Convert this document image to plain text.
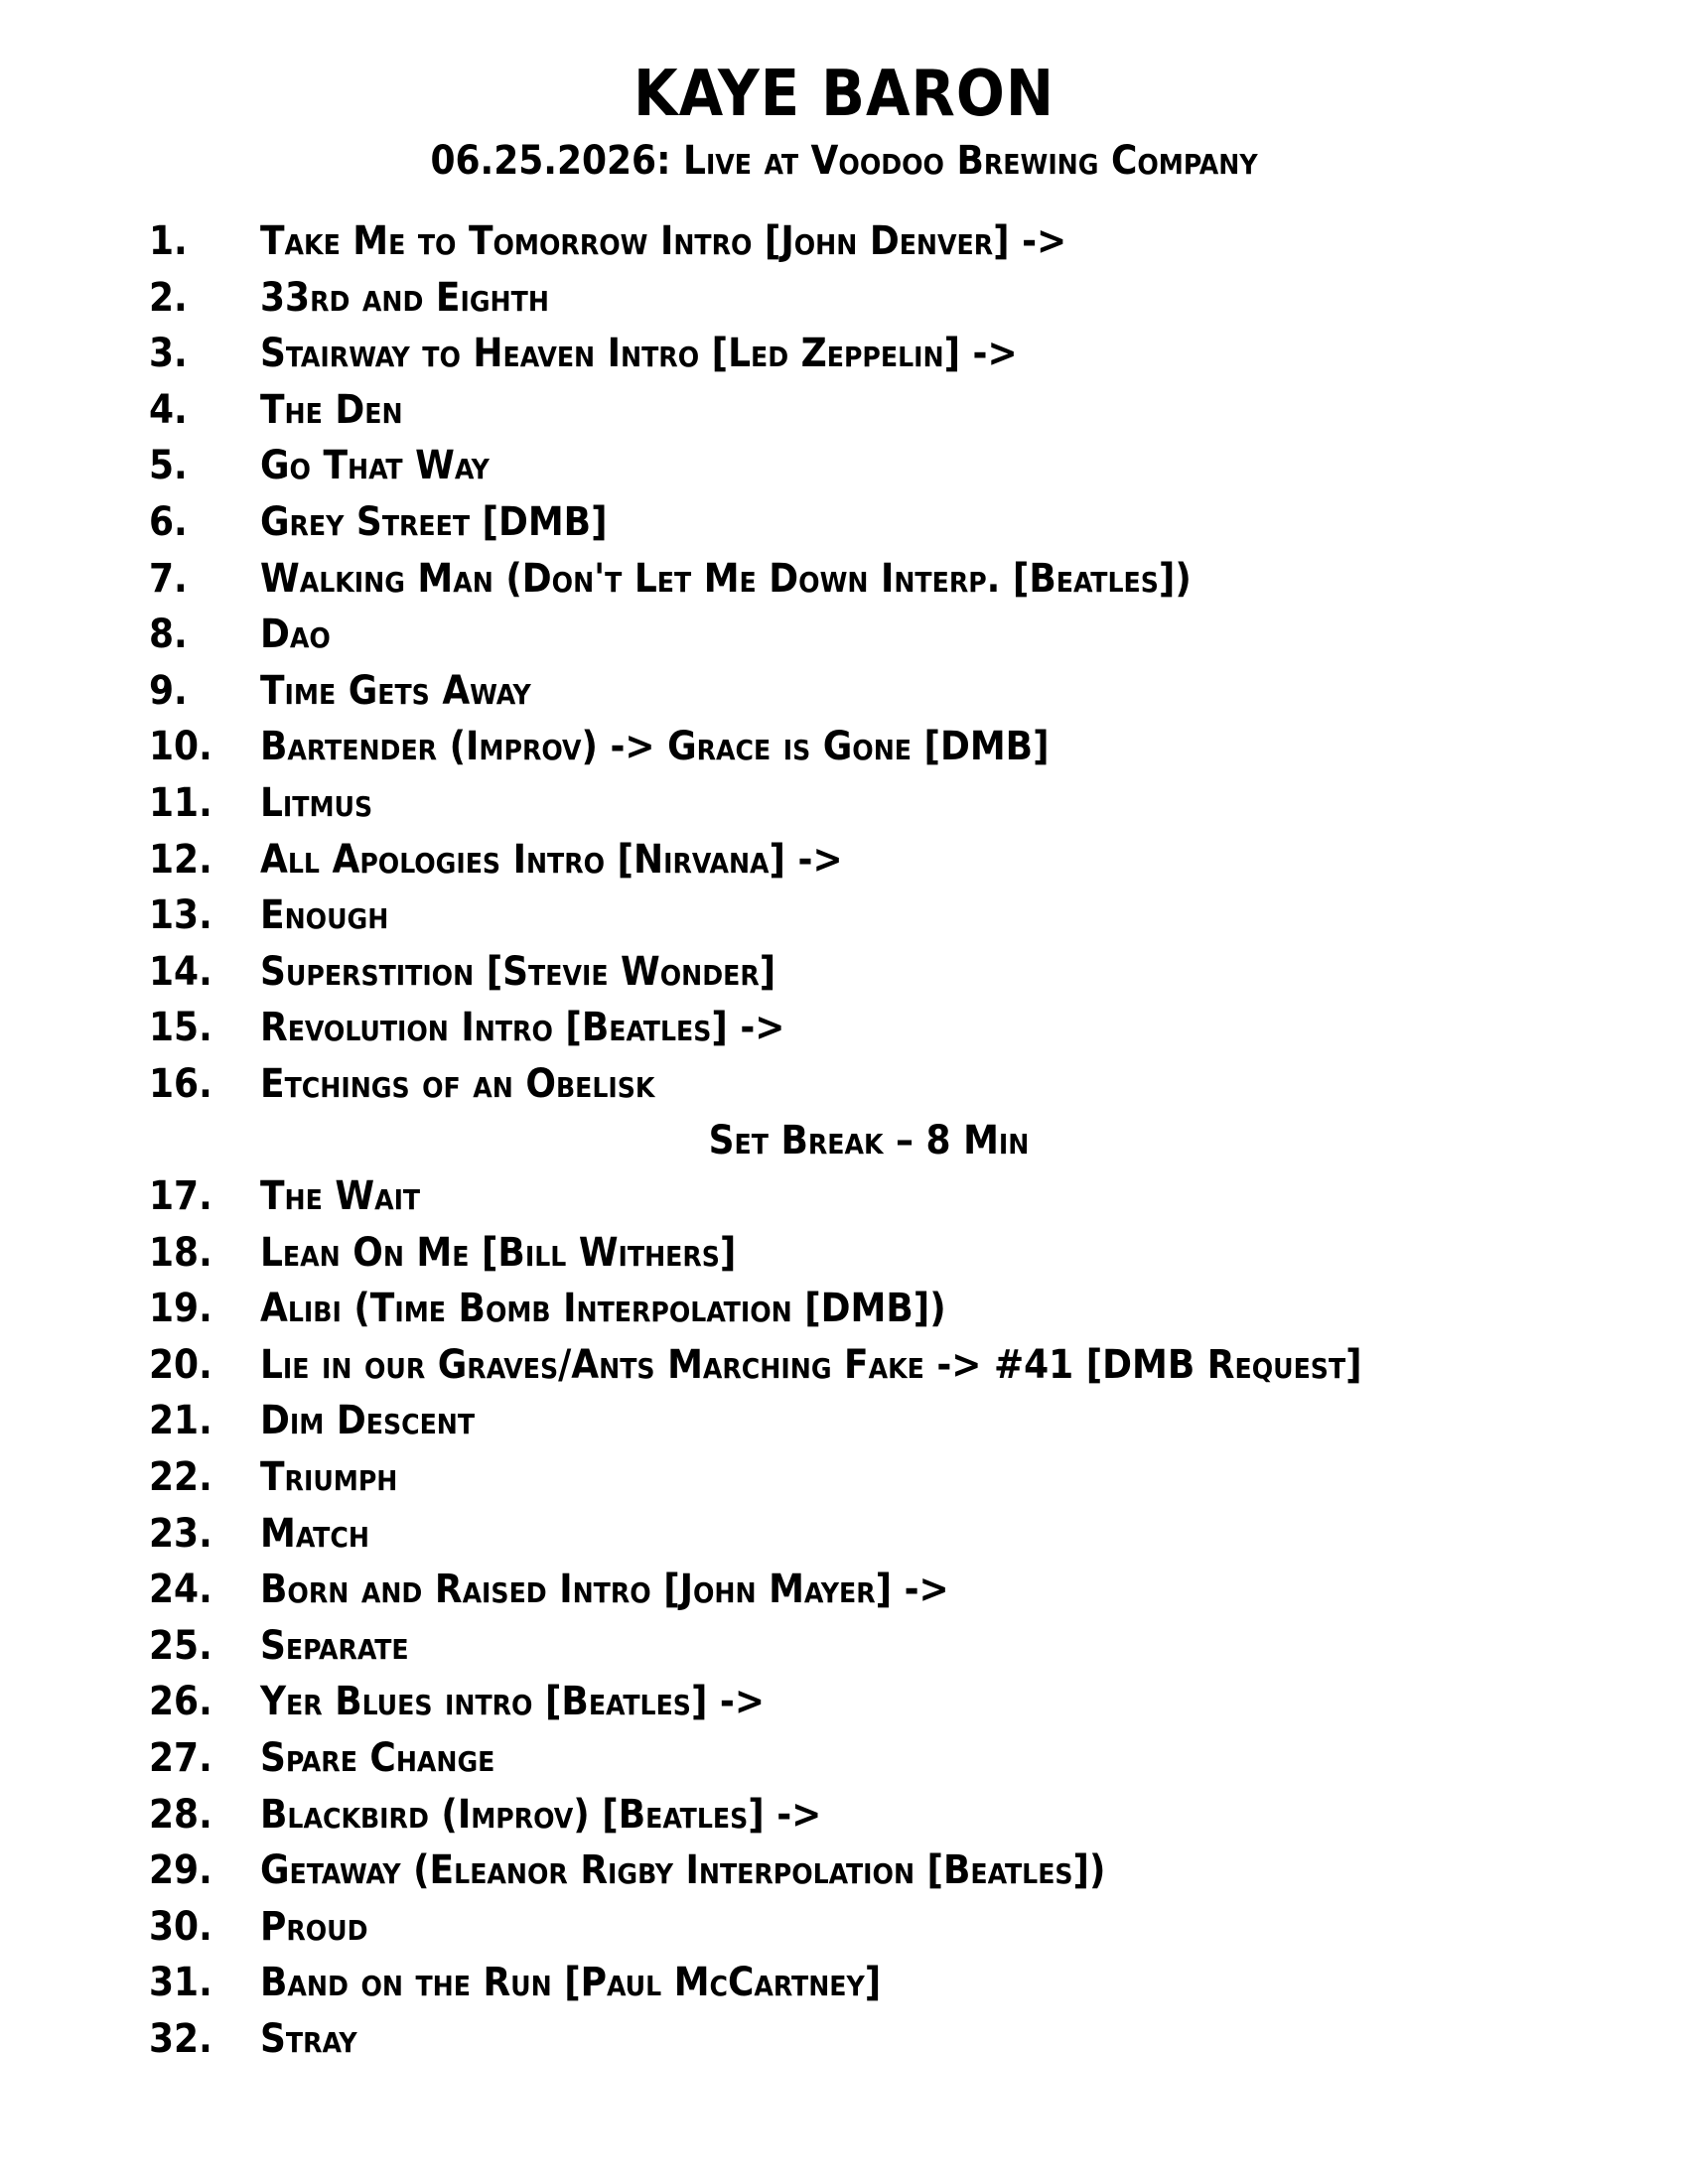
KAYE BARON
06.25.2026: Live at Voodoo Brewing Company
1. Take Me to Tomorrow Intro [John Denver] ->
2. 33rd and Eighth
3. Stairway to Heaven Intro [Led Zeppelin] ->
4. The Den
5. Go That Way
6. Grey Street [DMB]
7. Walking Man (Don't Let Me Down Interp. [Beatles])
8. Dao
9. Time Gets Away
10. Bartender (Improv) -> Grace is Gone [DMB]
11. Litmus
12. All Apologies Intro [Nirvana] ->
13. Enough
14. Superstition [Stevie Wonder]
15. Revolution Intro [Beatles] ->
16. Etchings of an Obelisk
Set Break – 8 Min
17. The Wait
18. Lean On Me [Bill Withers]
19. Alibi (Time Bomb Interpolation [DMB])
20. Lie in our Graves/Ants Marching Fake -> #41 [DMB Request]
21. Dim Descent
22. Triumph
23. Match
24. Born and Raised Intro [John Mayer] ->
25. Separate
26. Yer Blues intro [Beatles] ->
27. Spare Change
28. Blackbird (Improv) [Beatles] ->
29. Getaway (Eleanor Rigby Interpolation [Beatles])
30. Proud
31. Band on the Run [Paul McCartney]
32. Stray
